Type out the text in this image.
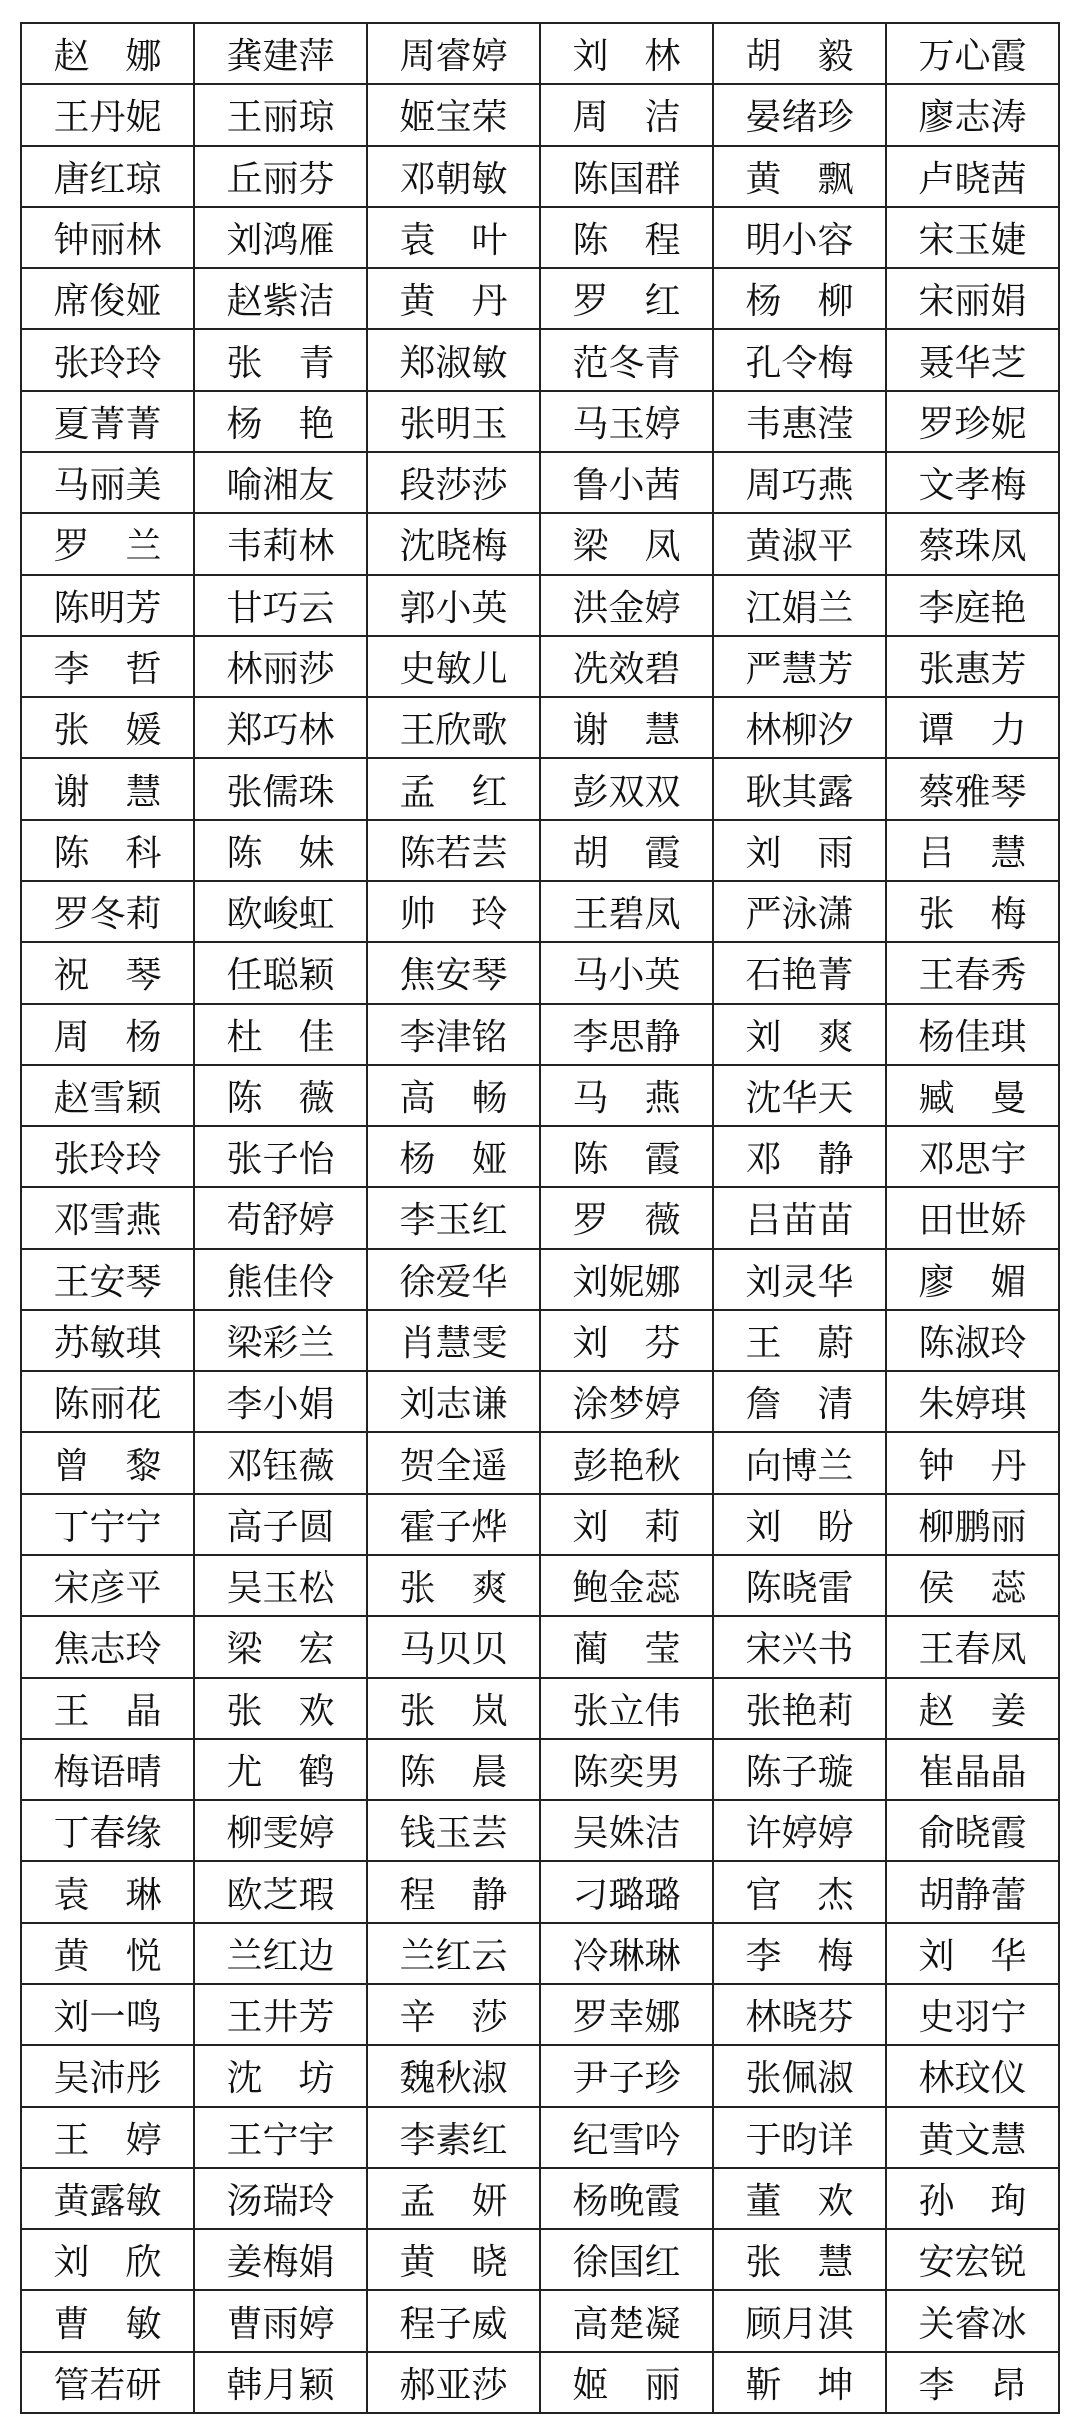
赵　娜	龚建萍	周睿婷	刘　林	胡　毅	万心霞
王丹妮	王丽琼	姬宝荣	周　洁	晏绪珍	廖志涛
唐红琼	丘丽芬	邓朝敏	陈国群	黄　飘	卢晓茜
钟丽林	刘鸿雁	袁　叶	陈　程	明小容	宋玉婕
席俊娅	赵紫洁	黄　丹	罗　红	杨　柳	宋丽娟
张玲玲	张　青	郑淑敏	范冬青	孔令梅	聂华芝
夏菁菁	杨　艳	张明玉	马玉婷	韦惠滢	罗珍妮
马丽美	喻湘友	段莎莎	鲁小茜	周巧燕	文孝梅
罗　兰	韦莉林	沈晓梅	梁　凤	黄淑平	蔡珠凤
陈明芳	甘巧云	郭小英	洪金婷	江娟兰	李庭艳
李　哲	林丽莎	史敏儿	冼效碧	严慧芳	张惠芳
张　媛	郑巧林	王欣歌	谢　慧	林柳汐	谭　力
谢　慧	张儒珠	孟　红	彭双双	耿其露	蔡雅琴
陈　科	陈　妹	陈若芸	胡　霞	刘　雨	吕　慧
罗冬莉	欧峻虹	帅　玲	王碧凤	严泳潇	张　梅
祝　琴	任聪颖	焦安琴	马小英	石艳菁	王春秀
周　杨	杜　佳	李津铭	李思静	刘　爽	杨佳琪
赵雪颖	陈　薇	高　畅	马　燕	沈华天	臧　曼
张玲玲	张子怡	杨　娅	陈　霞	邓　静	邓思宇
邓雪燕	苟舒婷	李玉红	罗　薇	吕苗苗	田世娇
王安琴	熊佳伶	徐爱华	刘妮娜	刘灵华	廖　媚
苏敏琪	梁彩兰	肖慧雯	刘　芬	王　蔚	陈淑玲
陈丽花	李小娟	刘志谦	涂梦婷	詹　清	朱婷琪
曾　黎	邓钰薇	贺全遥	彭艳秋	向博兰	钟　丹
丁宁宁	高子圆	霍子烨	刘　莉	刘　盼	柳鹏丽
宋彦平	吴玉松	张　爽	鲍金蕊	陈晓雷	侯　蕊
焦志玲	梁　宏	马贝贝	蔺　莹	宋兴书	王春凤
王　晶	张　欢	张　岚	张立伟	张艳莉	赵　姜
梅语晴	尤　鹤	陈　晨	陈奕男	陈子璇	崔晶晶
丁春缘	柳雯婷	钱玉芸	吴姝洁	许婷婷	俞晓霞
袁　琳	欧芝瑕	程　静	刁璐璐	官　杰	胡静蕾
黄　悦	兰红边	兰红云	冷琳琳	李　梅	刘　华
刘一鸣	王井芳	辛　莎	罗幸娜	林晓芬	史羽宁
吴沛彤	沈　坊	魏秋淑	尹子珍	张佩淑	林玟仪
王　婷	王宁宇	李素红	纪雪吟	于昀详	黄文慧
黄露敏	汤瑞玲	孟　妍	杨晚霞	董　欢	孙　珣
刘　欣	姜梅娟	黄　晓	徐国红	张　慧	安宏锐
曹　敏	曹雨婷	程子威	高楚凝	顾月淇	关睿冰
管若研	韩月颖	郝亚莎	姬　丽	靳　坤	李　昂
